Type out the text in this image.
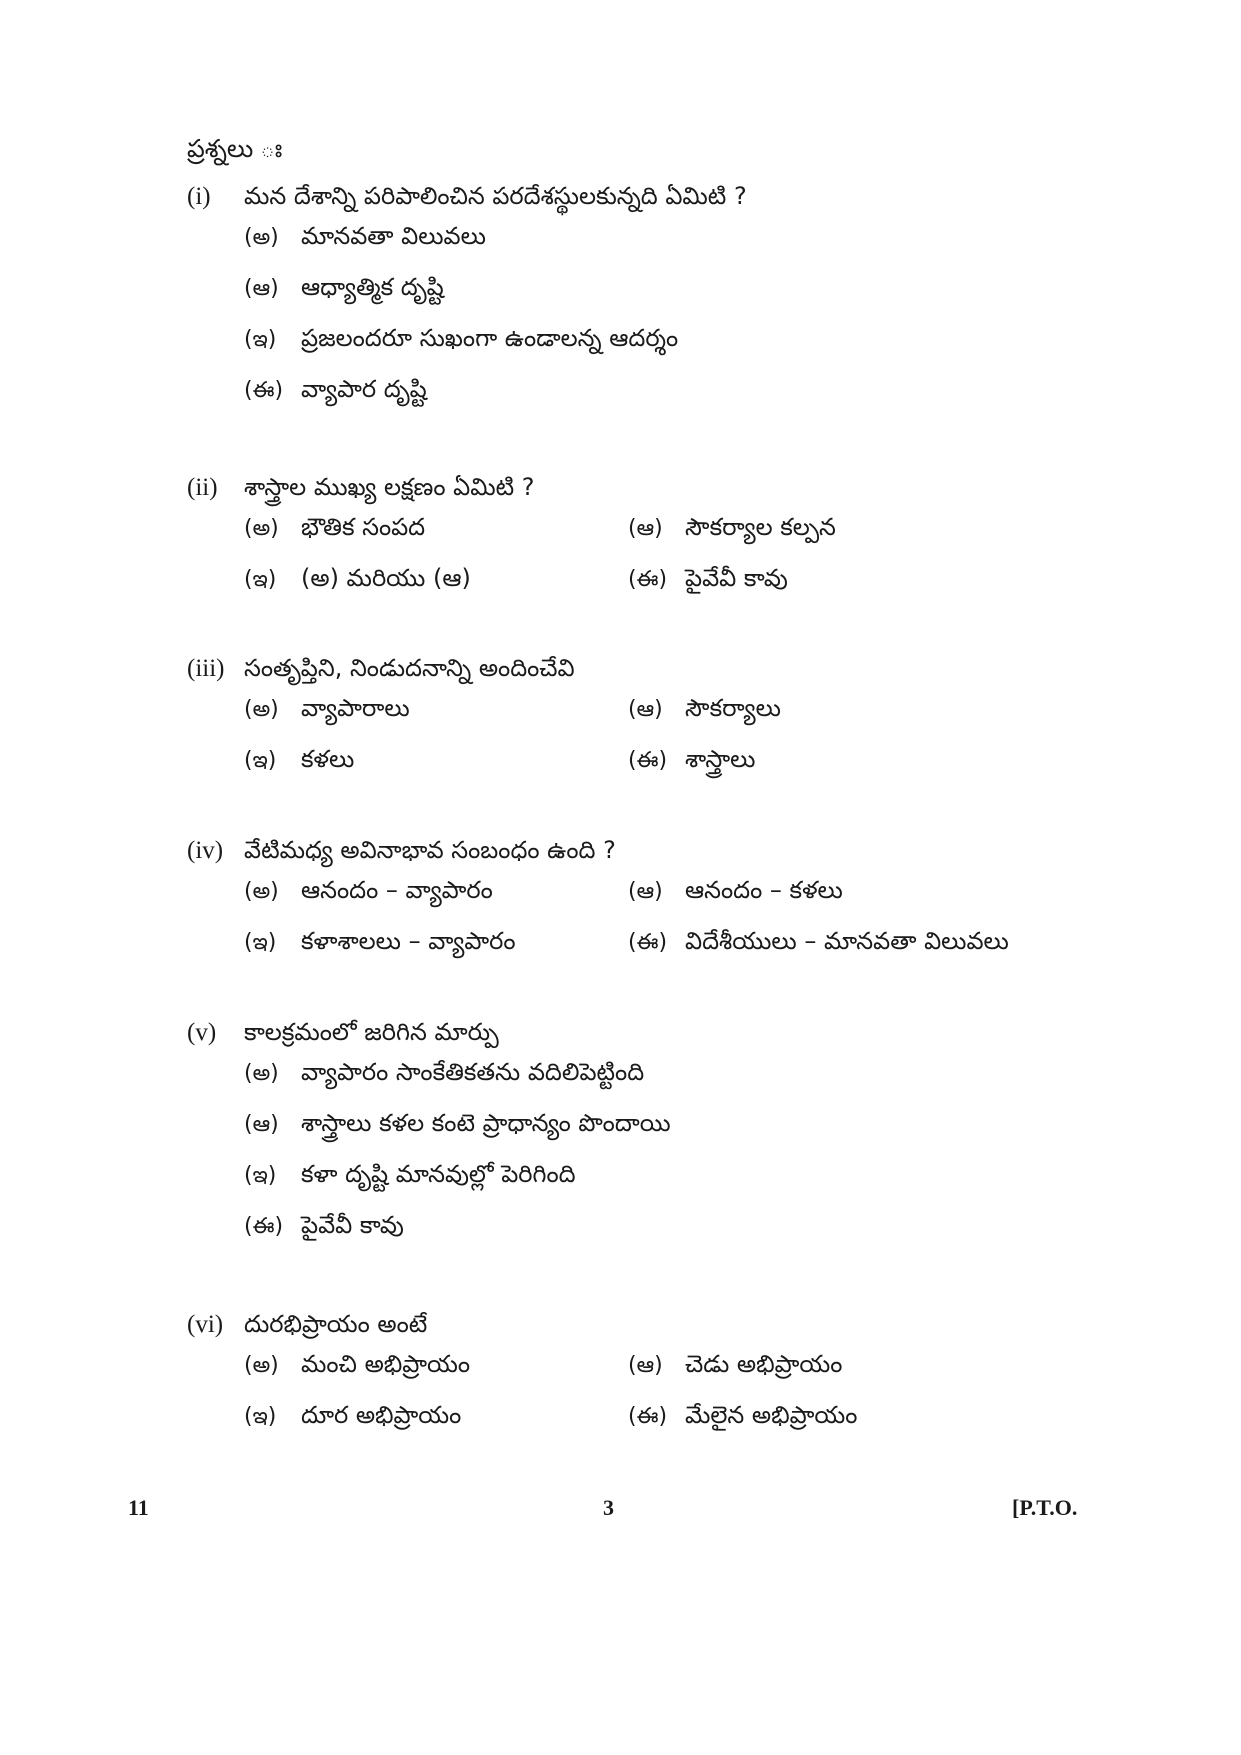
ప్రశ్నలు ః
(i)	మన దేశాన్ని పరిపాలించిన పరదేశస్థులకున్నది ఏమిటి ?
(అ) మానవతా విలువలు
(ఆ) ఆధ్యాత్మిక దృష్టి
(ఇ)	ప్రజలందరూ సుఖంగా ఉండాలన్న ఆదర్శం
(ఈ) వ్యాపార దృష్టి
(ii)	శాస్త్రాల ముఖ్య లక్షణం ఏమిటి ?
(అ) భౌతిక సంపద	(ఆ) సౌకర్యాల కల్పన
(ఇ)	(అ) మరియు (ఆ)	(ఈ) పైవేవీ కావు
(iii) సంతృప్తిని, నిండుదనాన్ని అందించేవి
(అ) వ్యాపారాలు	(ఆ) సౌకర్యాలు
(ఇ)	కళలు	(ఈ) శాస్త్రాలు
(iv) వేటిమధ్య అవినాభావ సంబంధం ఉంది ?
(అ) ఆనందం – వ్యాపారం	(ఆ) ఆనందం – కళలు
(ఇ)	కళాశాలలు – వ్యాపారం	(ఈ) విదేశీయులు – మానవతా విలువలు
(v)	కాలక్రమంలో జరిగిన మార్పు
(అ) వ్యాపారం సాంకేతికతను వదిలిపెట్టింది
(ఆ) శాస్త్రాలు కళల కంటె ప్రాధాన్యం పొందాయి
(ఇ)	కళా దృష్టి మానవుల్లో పెరిగింది
(ఈ) పైవేవీ కావు
(vi) దురభిప్రాయం అంటే
(అ) మంచి అభిప్రాయం	(ఆ) చెడు అభిప్రాయం
(ఇ)	దూర అభిప్రాయం	(ఈ) మేలైన అభిప్రాయం
11	3	[P.T.O.
